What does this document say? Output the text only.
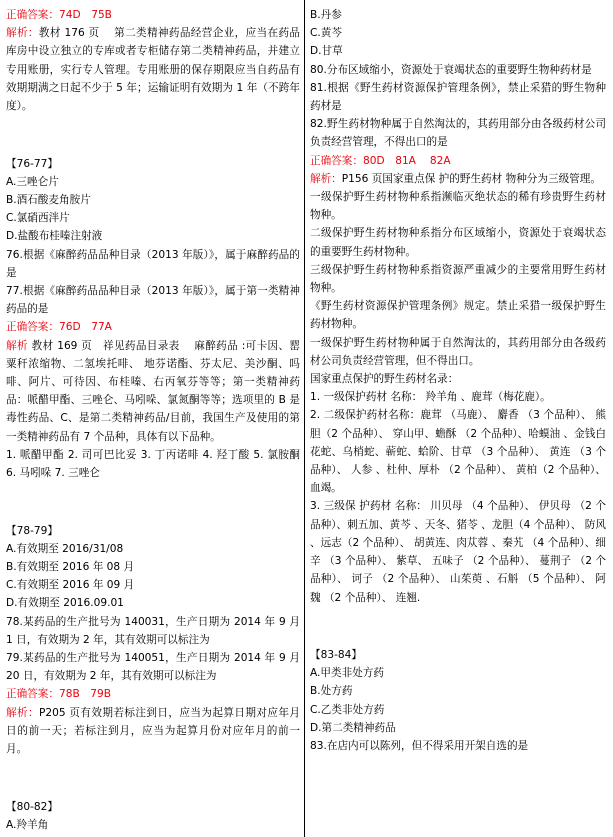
正确答案：74D　75B

解析：教材 176 页　 第二类精神药品经营企业，应当在药品库房中设立独立的专库或者专柜储存第二类精神药品，并建立专用账册，实行专人管理。专用账册的保存期限应当自药品有效期期满之日起不少于 5 年；运输证明有效期为 1 年（不跨年度）。

【76-77】

A.三唑仑片

B.酒石酸麦角胺片

C.氯硝西泮片

D.盐酸布桂嗪注射液

76.根据《麻醉药品品种目录（2013 年版）》，属于麻醉药品的是

77.根据《麻醉药品品种目录（2013 年版）》，属于第一类精神药品的是

正确答案：76D　77A

解析 教材 169 页　祥见药品目录表　 麻醉药品 :可卡因、罂粟秆浓缩物、二氢埃托啡、 地芬诺酯、芬太尼、美沙酮、吗啡、阿片、可待因、布桂嗪、右丙氧芬等等；第一类精神药品：哌醋甲酯、三唑仑、马吲哚、氯氮酮等等；选项里的 B 是毒性药品、C、是第二类精神药品/目前，我国生产及使用的第一类精神药品有 7 个品种，具体有以下品种。

1. 哌醋甲酯 2. 司可巴比妥 3. 丁丙诺啡 4. 羟丁酸 5. 氯胺酮 6. 马吲哚 7. 三唑仑

【78-79】

A.有效期至 2016/31/08

B.有效期至 2016 年 08 月

C.有效期至 2016 年 09 月

D.有效期至 2016.09.01

78.某药品的生产批号为 140031，生产日期为 2014 年 9 月 1 日，有效期为 2 年，其有效期可以标注为

79.某药品的生产批号为 140051，生产日期为 2014 年 9 月 20 日，有效期为 2 年，其有效期可以标注为

正确答案：78B　79B

解析：P205 页有效期若标注到日，应当为起算日期对应年月日的前一天；若标注到月，应当为起算月份对应年月的前一月。

【80-82】

A.羚羊角

B.丹参

C.黄芩

D.甘草

80.分布区域缩小，资源处于衰竭状态的重要野生物种药材是

81.根据《野生药材资源保护管理条例》，禁止采猎的野生物种药材是

82.野生药材物种属于自然淘汰的，其药用部分由各级药材公司负责经营管理，不得出口的是

正确答案：80D　81A　 82A

解析：P156 页国家重点保 护的野生药材 物种分为三级管理。

一级保护野生药材物种系指濒临灭绝状态的稀有珍贵野生药材物种。

二级保护野生药材物种系指分布区域缩小，资源处于衰竭状态的重要野生药材物种。

三级保护野生药材物种系指资源严重减少的主要常用野生药材物种。

《野生药材资源保护管理条例》规定。禁止采猎一级保护野生药材物种。

一级保护野生药材物种属于自然淘汰的，其药用部分由各级药材公司负责经营管理，但不得出口。

国家重点保护的野生药材名录：

1. 一级保护药材 名称： 羚羊角 、鹿茸（梅花鹿）。

2. 二级保护药材名称：鹿茸 （马鹿）、 麝香 （3 个品种）、 熊胆（2 个品种）、 穿山甲、蟾酥 （2 个品种）、哈蟆油 、金钱白花蛇、乌梢蛇、蕲蛇、蛤阶、甘草 （3 个品种）、 黄连 （3 个品种）、 人参 、杜仲、厚朴 （2 个品种）、 黄柏（2 个品种）、 血竭。

3. 三级保 护药材 名称： 川贝母 （4 个品种）、 伊贝母 （2 个品种）、刺五加、黄芩 、天冬、猪苓 、龙胆（4 个品种）、 防风 、远志（2 个品种）、 胡黄连、肉苁蓉 、秦艽 （4 个品种）、细辛 （3 个品种）、 紫草、 五味子 （2 个品种）、 蔓荆子 （2 个品种）、 诃子 （2 个品种）、 山茱萸 、石斛 （5 个品种）、 阿魏 （2 个品种）、 连翘.

【83-84】

A.甲类非处方药

B.处方药

C.乙类非处方药

D.第二类精神药品

83.在店内可以陈列，但不得采用开架自选的是
